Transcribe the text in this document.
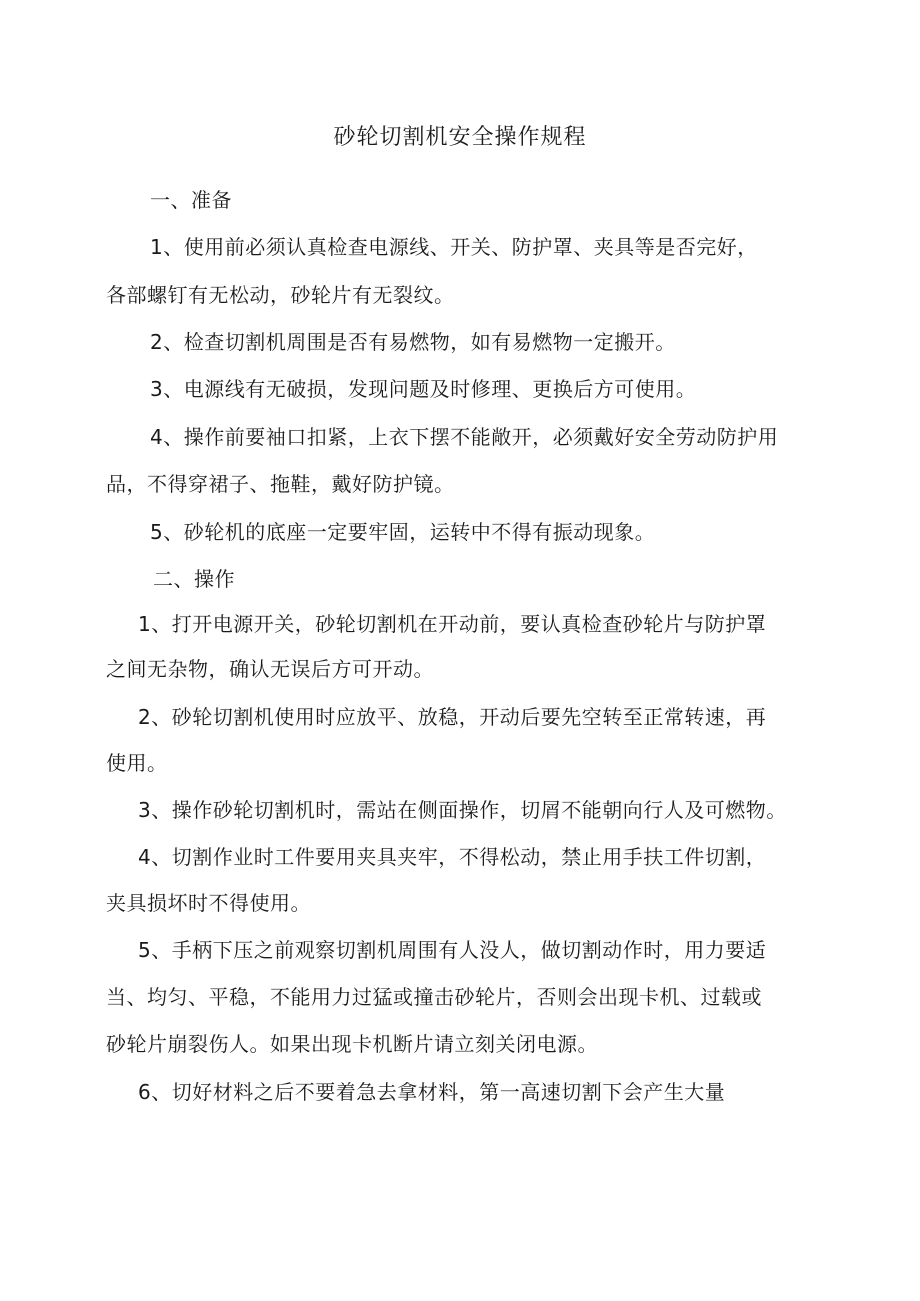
砂轮切割机安全操作规程
一、准备
1、使用前必须认真检查电源线、开关、防护罩、夹具等是否完好，
各部螺钉有无松动，砂轮片有无裂纹。
2、检查切割机周围是否有易燃物，如有易燃物一定搬开。
3、电源线有无破损，发现问题及时修理、更换后方可使用。
4、操作前要袖口扣紧，上衣下摆不能敞开，必须戴好安全劳动防护用
品，不得穿裙子、拖鞋，戴好防护镜。
5、砂轮机的底座一定要牢固，运转中不得有振动现象。
二、操作
1、打开电源开关，砂轮切割机在开动前，要认真检查砂轮片与防护罩
之间无杂物，确认无误后方可开动。
2、砂轮切割机使用时应放平、放稳，开动后要先空转至正常转速，再
使用。
3、操作砂轮切割机时，需站在侧面操作，切屑不能朝向行人及可燃物。
4、切割作业时工件要用夹具夹牢，不得松动，禁止用手扶工件切割，
夹具损坏时不得使用。
5、手柄下压之前观察切割机周围有人没人，做切割动作时，用力要适
当、均匀、平稳，不能用力过猛或撞击砂轮片，否则会出现卡机、过载或
砂轮片崩裂伤人。如果出现卡机断片请立刻关闭电源。
6、切好材料之后不要着急去拿材料，第一高速切割下会产生大量
